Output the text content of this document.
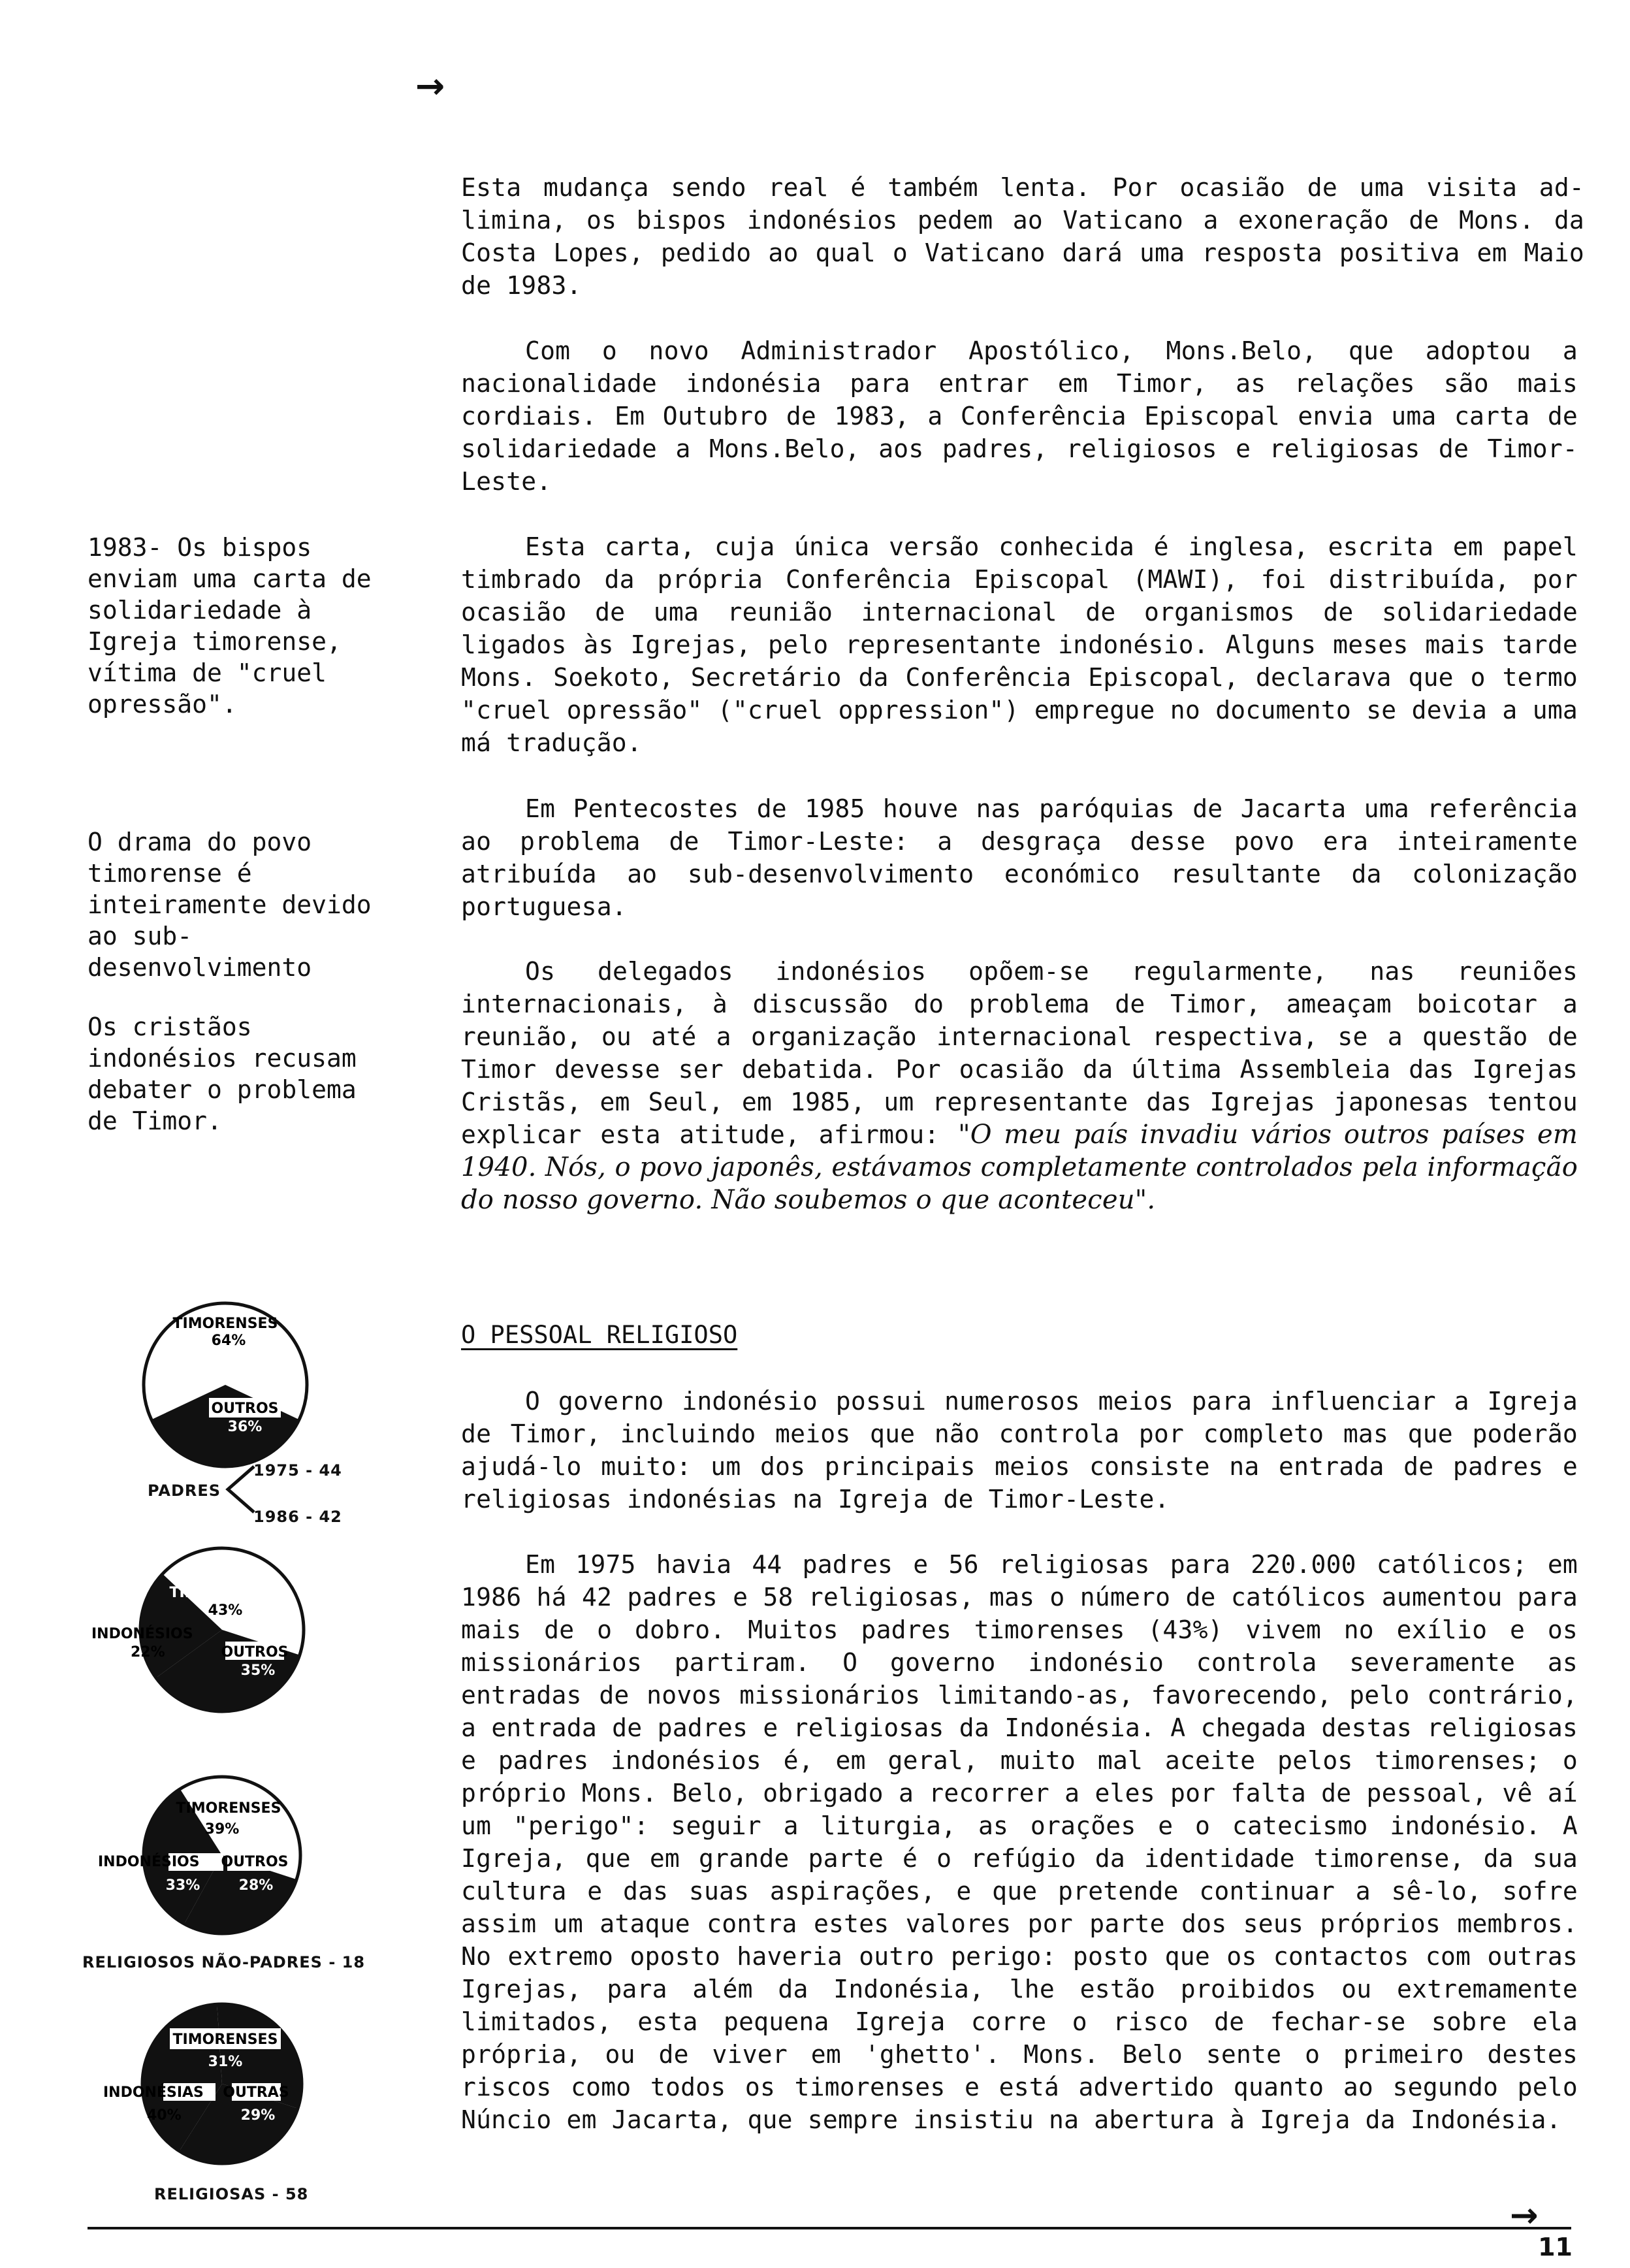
→

Esta mudança sendo real é também lenta. Por ocasião de uma visita ad-limina, os bispos indonésios pedem ao Vaticano a exoneração de Mons. da Costa Lopes, pedido ao qual o Vaticano dará uma resposta positiva em Maio de 1983.

Com o novo Administrador Apostólico, Mons.Belo, que adoptou a nacionalidade indonésia para entrar em Timor, as relações são mais cordiais. Em Outubro de 1983, a Conferência Episcopal envia uma carta de solidariedade a Mons.Belo, aos padres, religiosos e religiosas de Timor-Leste.

Esta carta, cuja única versão conhecida é inglesa, escrita em papel timbrado da própria Conferência Episcopal (MAWI), foi distribuída, por ocasião de uma reunião internacional de organismos de solidariedade ligados às Igrejas, pelo representante indonésio. Alguns meses mais tarde Mons. Soekoto, Secretário da Conferência Episcopal, declarava que o termo "cruel opressão" ("cruel oppression") empregue no documento se devia a uma má tradução.

Em Pentecostes de 1985 houve nas paróquias de Jacarta uma referência ao problema de Timor-Leste: a desgraça desse povo era inteiramente atribuída ao sub-desenvolvimento económico resultante da colonização portuguesa.

Os delegados indonésios opõem-se regularmente, nas reuniões internacionais, à discussão do problema de Timor, ameaçam boicotar a reunião, ou até a organização internacional respectiva, se a questão de Timor devesse ser debatida. Por ocasião da última Assembleia das Igrejas Cristãs, em Seul, em 1985, um representante das Igrejas japonesas tentou explicar esta atitude, afirmou: "O meu país invadiu vários outros países em 1940. Nós, o povo japonês, estávamos completamente controlados pela informação do nosso governo. Não soubemos o que aconteceu".
O PESSOAL RELIGIOSO

O governo indonésio possui numerosos meios para influenciar a Igreja de Timor, incluindo meios que não controla por completo mas que poderão ajudá-lo muito: um dos principais meios consiste na entrada de padres e religiosas indonésias na Igreja de Timor-Leste.

Em 1975 havia 44 padres e 56 religiosas para 220.000 católicos; em 1986 há 42 padres e 58 religiosas, mas o número de católicos aumentou para mais de o dobro. Muitos padres timorenses (43%) vivem no exílio e os missionários partiram. O governo indonésio controla severamente as entradas de novos missionários limitando-as, favorecendo, pelo contrário, a entrada de padres e religiosas da Indonésia. A chegada destas religiosas e padres indonésios é, em geral, muito mal aceite pelos timorenses; o próprio Mons. Belo, obrigado a recorrer a eles por falta de pessoal, vê aí um "perigo": seguir a liturgia, as orações e o catecismo indonésio. A Igreja, que em grande parte é o refúgio da identidade timorense, da sua cultura e das suas aspirações, e que pretende continuar a sê-lo, sofre assim um ataque contra estes valores por parte dos seus próprios membros. No extremo oposto haveria outro perigo: posto que os contactos com outras Igrejas, para além da Indonésia, lhe estão proibidos ou extremamente limitados, esta pequena Igreja corre o risco de fechar-se sobre ela própria, ou de viver em 'ghetto'. Mons. Belo sente o primeiro destes riscos como todos os timorenses e está advertido quanto ao segundo pelo Núncio em Jacarta, que sempre insistiu na abertura à Igreja da Indonésia.

1983- Os bispos enviam uma carta de solidariedade à Igreja timorense, vítima de "cruel opressão".

O drama do povo timorense é inteiramente devido ao sub-desenvolvimento

Os cristãos indonésios recusam debater o problema de Timor.

TIMORENSES
64%
OUTROS
36%
PADRES
1975 - 44
1986 - 42
TIMORENSES
43%
INDONÉSIOS
22%	OUTROS
35%
TIMORENSES
39%
INDONÉSIOS OUTROS
33%	28%
RELIGIOSOS NÃO-PADRES - 18
TIMORENSES
31%
INDONÉSIAS OUTRAS
40%	29%
RELIGIOSAS - 58
→
11
